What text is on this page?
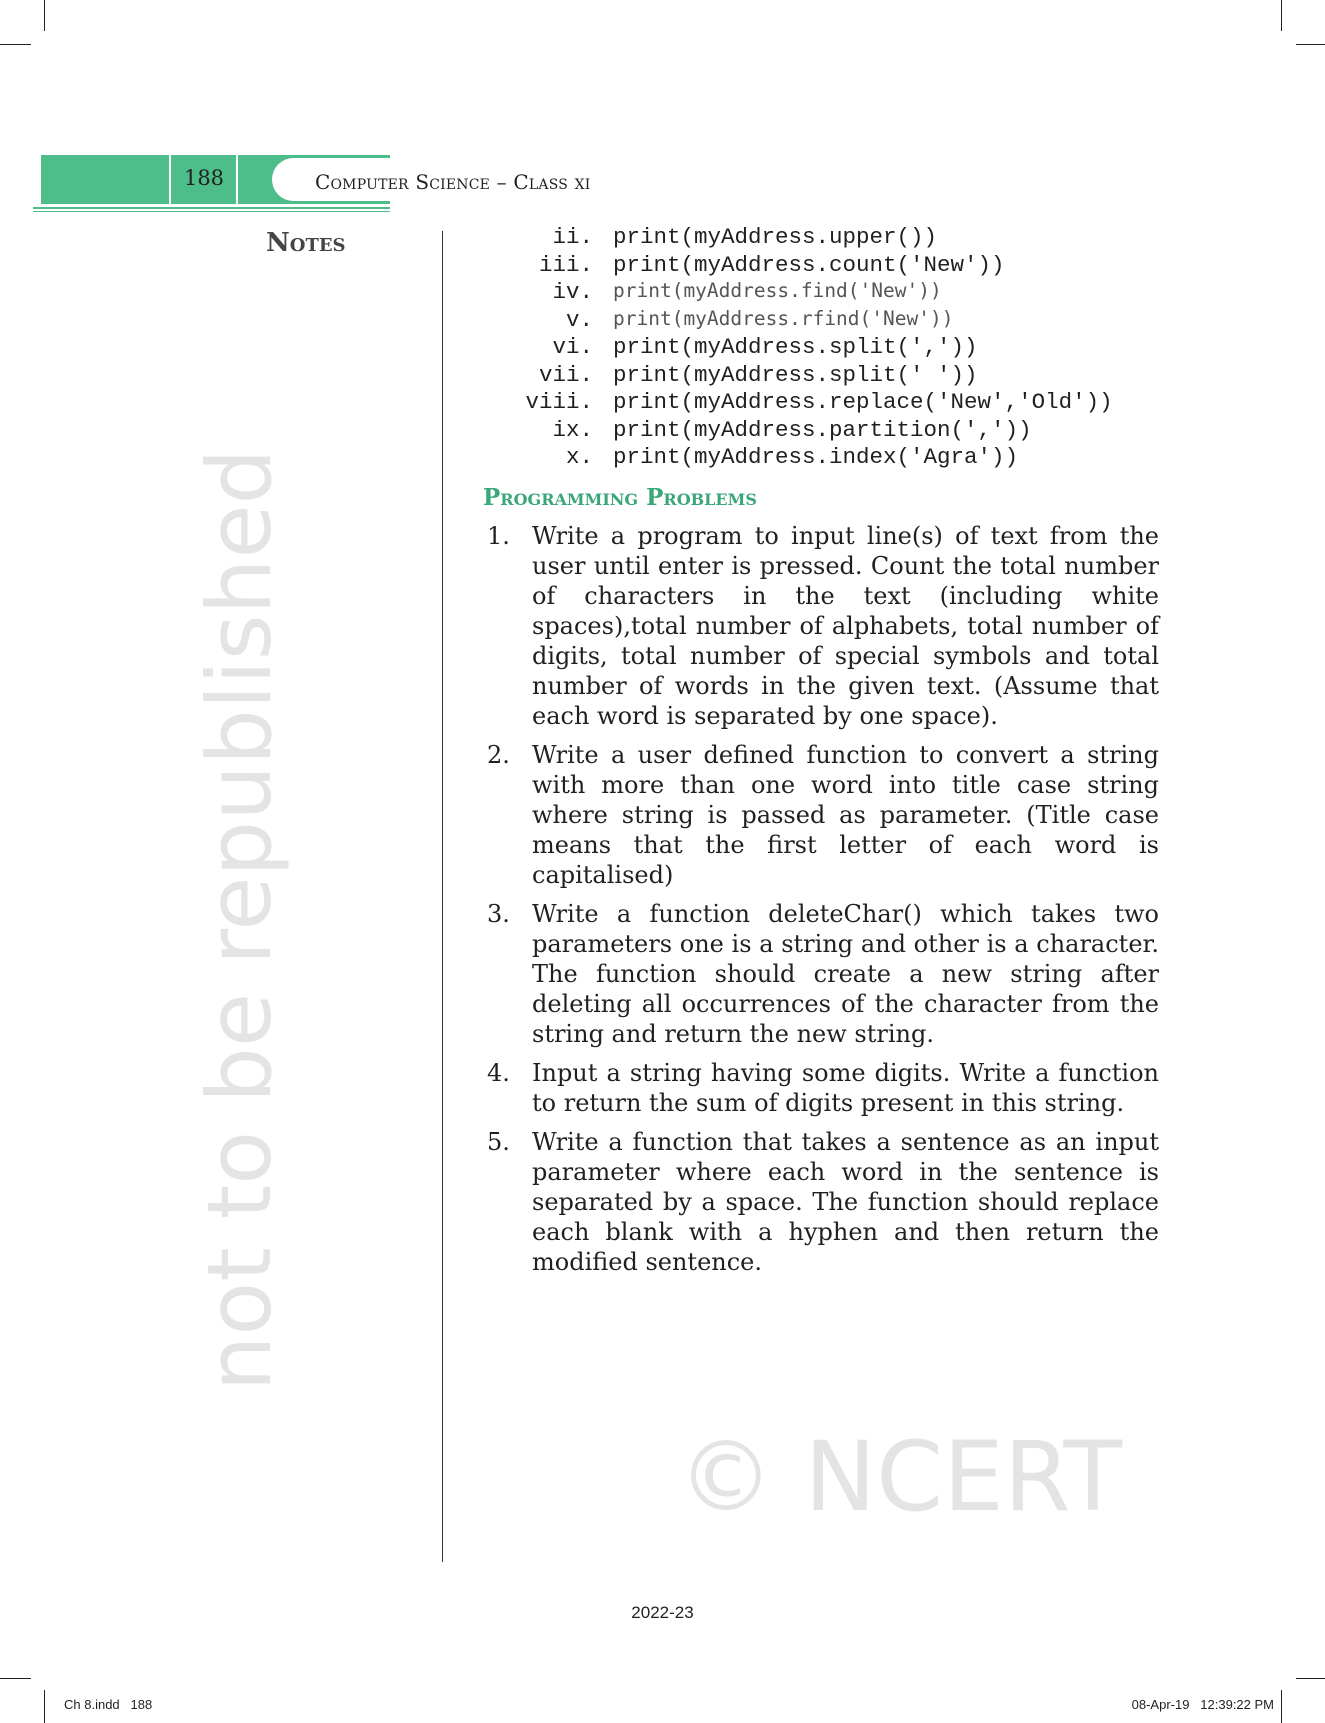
not to be republished
© NCERT
188	Computer Science – Class xi
Notes	ii. print(myAddress.upper())
iii. print(myAddress.count('New'))
iv.	print(myAddress.find('New'))
v.	print(myAddress.rfind('New'))
vi. print(myAddress.split(','))
vii. print(myAddress.split(' '))
viii. print(myAddress.replace('New','Old'))
ix. print(myAddress.partition(','))
x. print(myAddress.index('Agra'))
Programming Problems
1. Write a program to input line(s) of text from the user until enter is pressed. Count the total number of characters in the text (including white spaces),total number of alphabets, total number of digits, total number of special symbols and total number of words in the given text. (Assume that each word is separated by one space).
2. Write a user defined function to convert a string with more than one word into title case string where string is passed as parameter. (Title case means that the first letter of each word is capitalised)
3. Write a function deleteChar() which takes two parameters one is a string and other is a character. The function should create a new string after deleting all occurrences of the character from the string and return the new string.
4. Input a string having some digits. Write a function to return the sum of digits present in this string.
5. Write a function that takes a sentence as an input parameter where each word in the sentence is separated by a space. The function should replace each blank with a hyphen and then return the modified sentence.
2022-23
Ch 8.indd   188	08-Apr-19   12:39:22 PM
